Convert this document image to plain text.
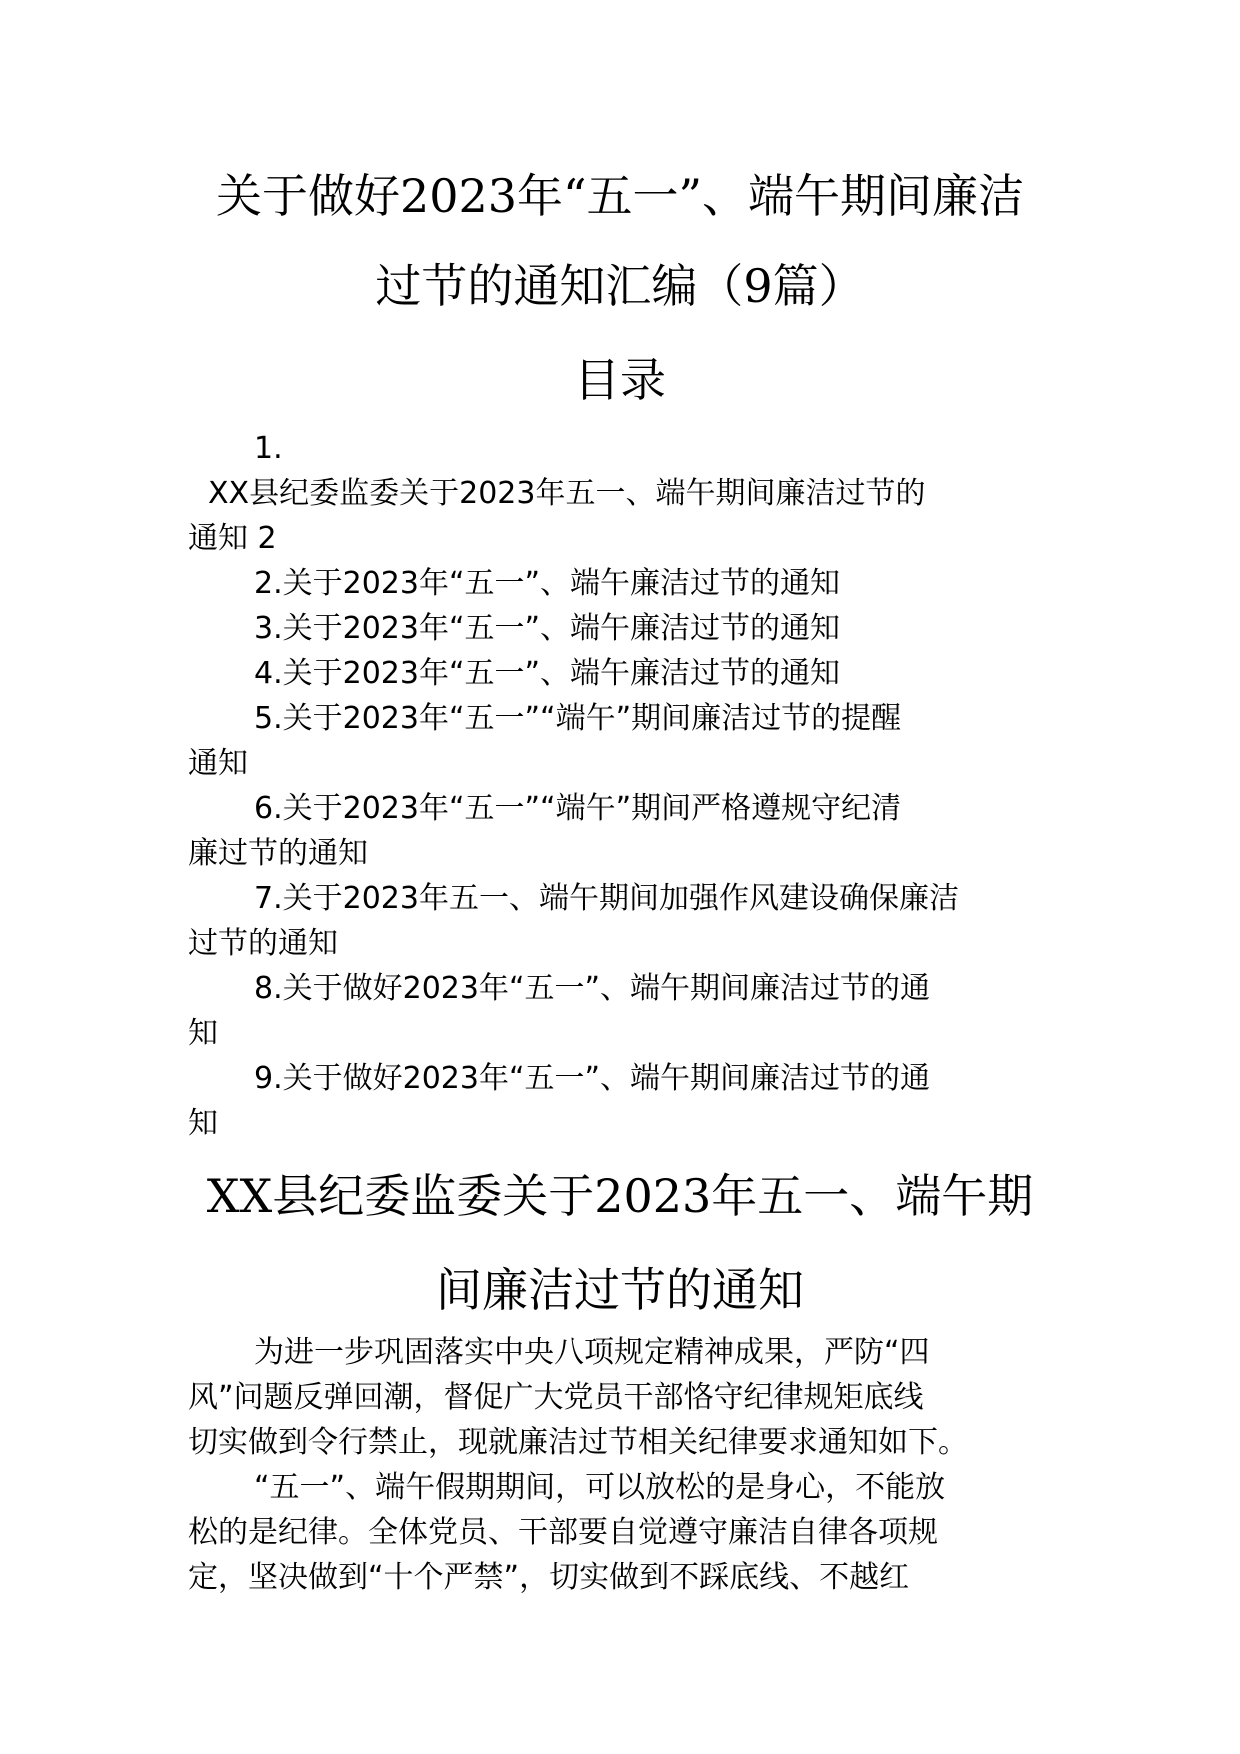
关于做好2023年“五一”、端午期间廉洁
过节的通知汇编（9篇）
目录
1.
XX县纪委监委关于2023年五一、端午期间廉洁过节的
通知 2
2.关于2023年“五一”、端午廉洁过节的通知
3.关于2023年“五一”、端午廉洁过节的通知
4.关于2023年“五一”、端午廉洁过节的通知
5.关于2023年“五一”“端午”期间廉洁过节的提醒
通知
6.关于2023年“五一”“端午”期间严格遵规守纪清
廉过节的通知
7.关于2023年五一、端午期间加强作风建设确保廉洁
过节的通知
8.关于做好2023年“五一”、端午期间廉洁过节的通
知
9.关于做好2023年“五一”、端午期间廉洁过节的通
知
XX县纪委监委关于2023年五一、端午期
间廉洁过节的通知
为进一步巩固落实中央八项规定精神成果，严防“四
风”问题反弹回潮，督促广大党员干部恪守纪律规矩底线
切实做到令行禁止，现就廉洁过节相关纪律要求通知如下。
“五一”、端午假期期间，可以放松的是身心，不能放
松的是纪律。全体党员、干部要自觉遵守廉洁自律各项规
定，坚决做到“十个严禁”，切实做到不踩底线、不越红
